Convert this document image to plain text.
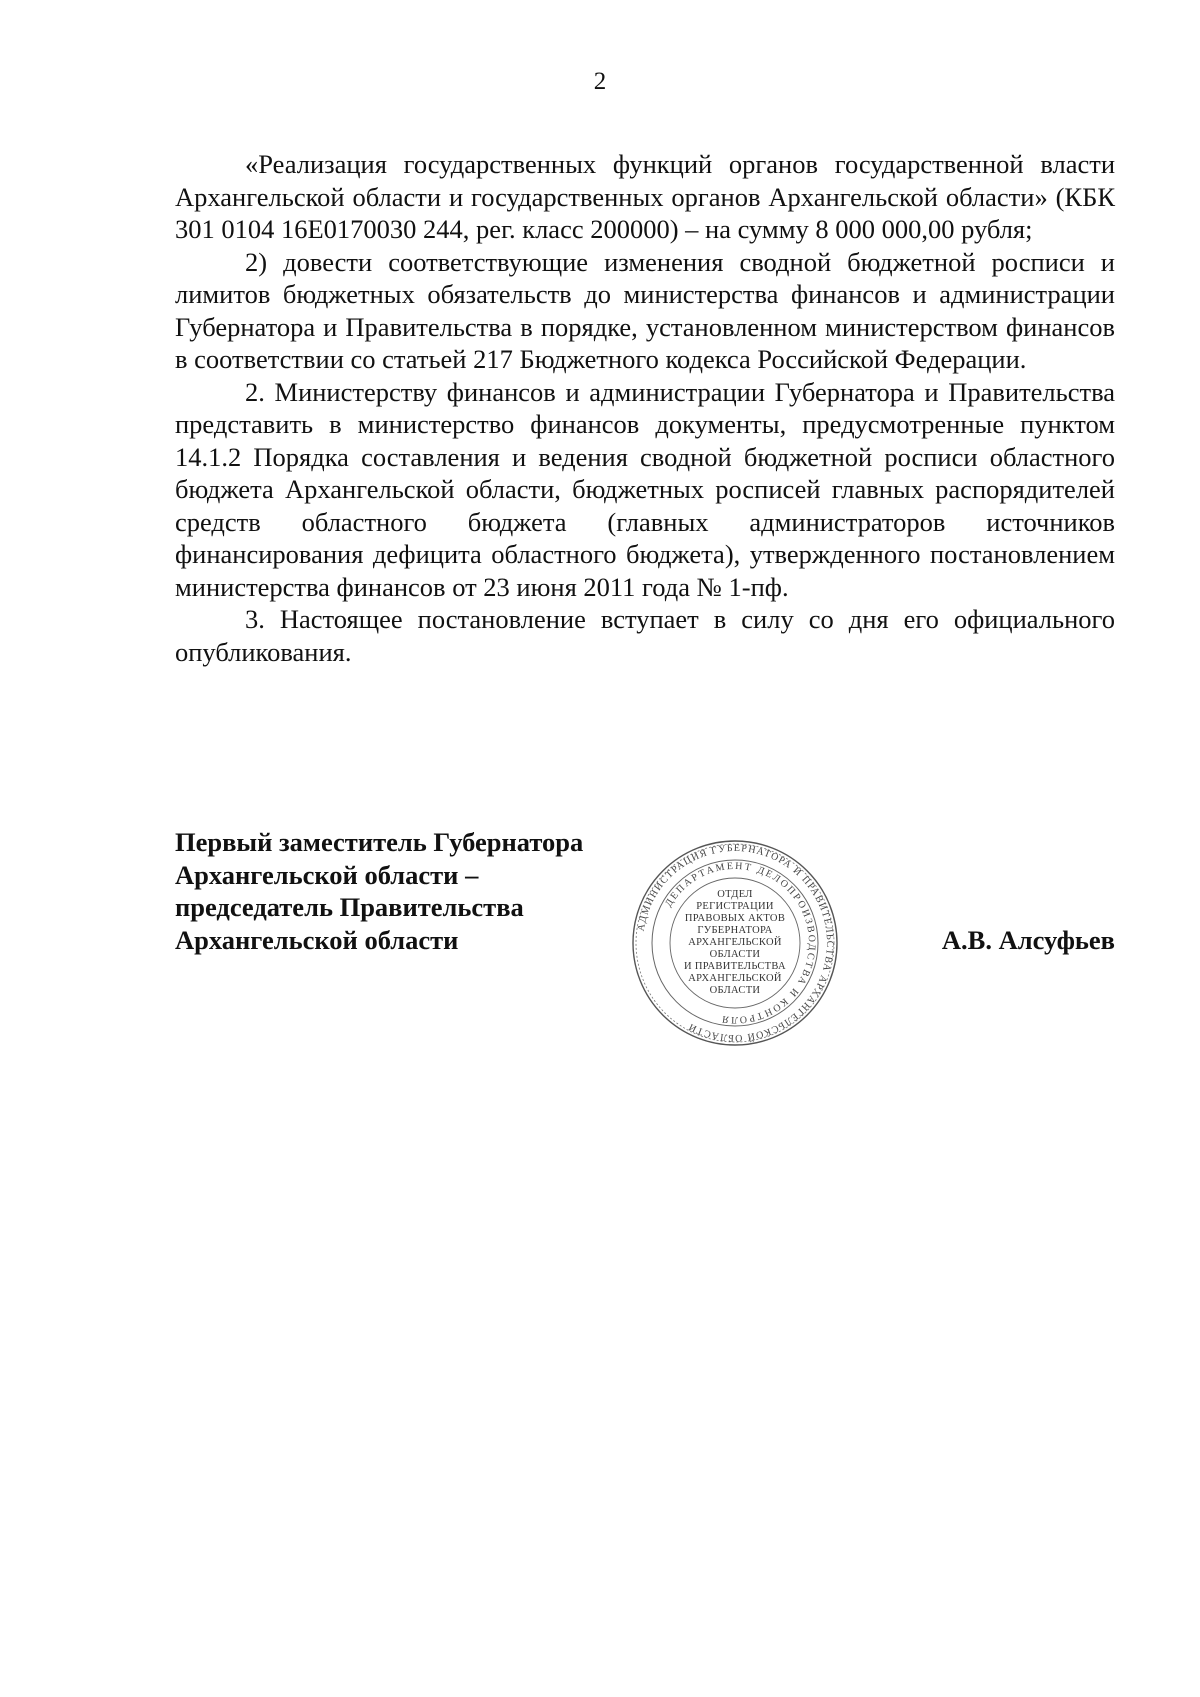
2

«Реализация государственных функций органов государственной власти Архангельской области и государственных органов Архангельской области» (КБК 301 0104 16Е0170030 244, рег. класс 200000) – на сумму 8 000 000,00 рубля;

2) довести соответствующие изменения сводной бюджетной росписи и лимитов бюджетных обязательств до министерства финансов и администрации Губернатора и Правительства в порядке, установленном министерством финансов в соответствии со статьей 217 Бюджетного кодекса Российской Федерации.

2. Министерству финансов и администрации Губернатора и Правительства представить в министерство финансов документы, предусмотренные пунктом 14.1.2 Порядка составления и ведения сводной бюджетной росписи областного бюджета Архангельской области, бюджетных росписей главных распорядителей средств областного бюджета (главных администраторов источников финансирования дефицита областного бюджета), утвержденного постановлением министерства финансов от 23 июня 2011 года № 1-пф.

3. Настоящее постановление вступает в силу со дня его официального опубликования.

Первый заместитель Губернатора
Архангельской области –
председатель Правительства
Архангельской области	АДМИНИСТРАЦИЯ ГУБЕРНАТОРА И ПРАВИТЕЛЬСТВА АРХАНГЕЛЬСКОЙ ОБЛАСТИ
ДЕПАРТАМЕНТ ДЕЛОПРОИЗВОДСТВА И КОНТРОЛЯ
ОТДЕЛ
РЕГИСТРАЦИИ
ПРАВОВЫХ АКТОВ
ГУБЕРНАТОРА
АРХАНГЕЛЬСКОЙ
ОБЛАСТИ
И ПРАВИТЕЛЬСТВА
АРХАНГЕЛЬСКОЙ
ОБЛАСТИ
А.В. Алсуфьев
